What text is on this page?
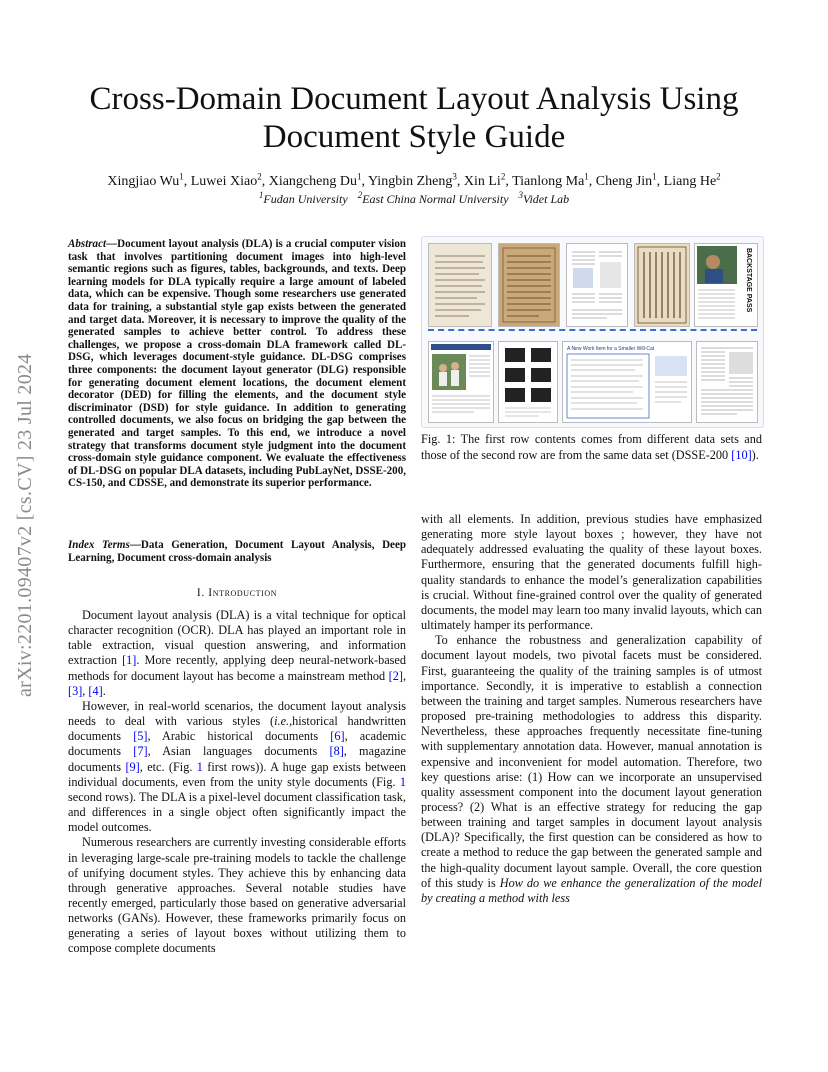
arXiv:2201.09407v2 [cs.CV] 23 Jul 2024
Cross-Domain Document Layout Analysis Using
Document Style Guide
Xingjiao Wu$^1$, Luwei Xiao$^2$, Xiangcheng Du$^1$, Yingbin Zheng$^3$, Xin Li$^2$, Tianlong Ma$^1$, Cheng Jin$^1$, Liang He$^2$
$^1$Fudan University $^2$East China Normal University $^3$Videt Lab
Abstract—Document layout analysis (DLA) is a crucial computer vision task that involves partitioning document images into high-level semantic regions such as figures, tables, backgrounds, and texts. Deep learning models for DLA typically require a large amount of labeled data, which can be expensive. Though some researchers use generated data for training, a substantial style gap exists between the generated and target data. Moreover, it is necessary to improve the quality of the generated samples to achieve better control. To address these challenges, we propose a cross-domain DLA framework called DL-DSG, which leverages document-style guidance. DL-DSG comprises three components: the document layout generator (DLG) responsible for generating document element locations, the document element decorator (DED) for filling the elements, and the document style discriminator (DSD) for style guidance. In addition to generating controlled documents, we also focus on bridging the gap between the generated and target samples. To this end, we introduce a novel strategy that transforms document style judgment into the document cross-domain style guidance component. We evaluate the effectiveness of DL-DSG on popular DLA datasets, including PubLayNet, DSSE-200, CS-150, and CDSSE, and demonstrate its superior performance.
Index Terms—Data Generation, Document Layout Analysis, Deep Learning, Document cross-domain analysis
I. Introduction

Document layout analysis (DLA) is a vital technique for optical character recognition (OCR). DLA has played an important role in table extraction, visual question answering, and information extraction [1]. More recently, applying deep neural-network-based methods for document layout has become a mainstream method [2], [3], [4].

However, in real-world scenarios, the document layout analysis needs to deal with various styles (i.e.,historical handwritten documents [5], Arabic historical documents [6], academic documents [7], Asian languages documents [8], magazine documents [9], etc. (Fig. 1 first rows)). A huge gap exists between individual documents, even from the unity style documents (Fig. 1 second rows). The DLA is a pixel-level document classification task, and differences in a single object often significantly impact the model outcomes.

Numerous researchers are currently investing considerable efforts in leveraging large-scale pre-training models to tackle the challenge of unifying document styles. They achieve this by enhancing data through generative approaches. Several notable studies have recently emerged, particularly those based on generative adversarial networks (GANs). However, these frameworks primarily focus on generating a series of layout boxes without utilizing them to compose complete documents

BACKSTAGE PASS
A New Work Item for a Smaller Will-Cat
Fig. 1: The first row contents comes from different data sets and those of the second row are from the same data set (DSSE-200 [10]).

with all elements. In addition, previous studies have emphasized generating more style layout boxes ; however, they have not adequately addressed evaluating the quality of these layout boxes. Furthermore, ensuring that the generated documents fulfill high-quality standards to enhance the model’s generalization capabilities is crucial. Without fine-grained control over the quality of generated documents, the model may learn too many invalid layouts, which can ultimately hamper its performance.

To enhance the robustness and generalization capability of document layout models, two pivotal facets must be considered. First, guaranteeing the quality of the training samples is of utmost importance. Secondly, it is imperative to establish a connection between the training and target samples. Numerous researchers have proposed pre-training methodologies to address this disparity. Nevertheless, these approaches frequently necessitate fine-tuning with supplementary annotation data. However, manual annotation is expensive and inconvenient for model automation. Therefore, two key questions arise: (1) How can we incorporate an unsupervised quality assessment component into the document layout generation process? (2) What is an effective strategy for reducing the gap between training and target samples in document layout analysis (DLA)? Specifically, the first question can be considered as how to create a method to reduce the gap between the generated sample and the high-quality document layout sample. Overall, the core question of this study is How do we enhance the generalization of the model by creating a method with less
